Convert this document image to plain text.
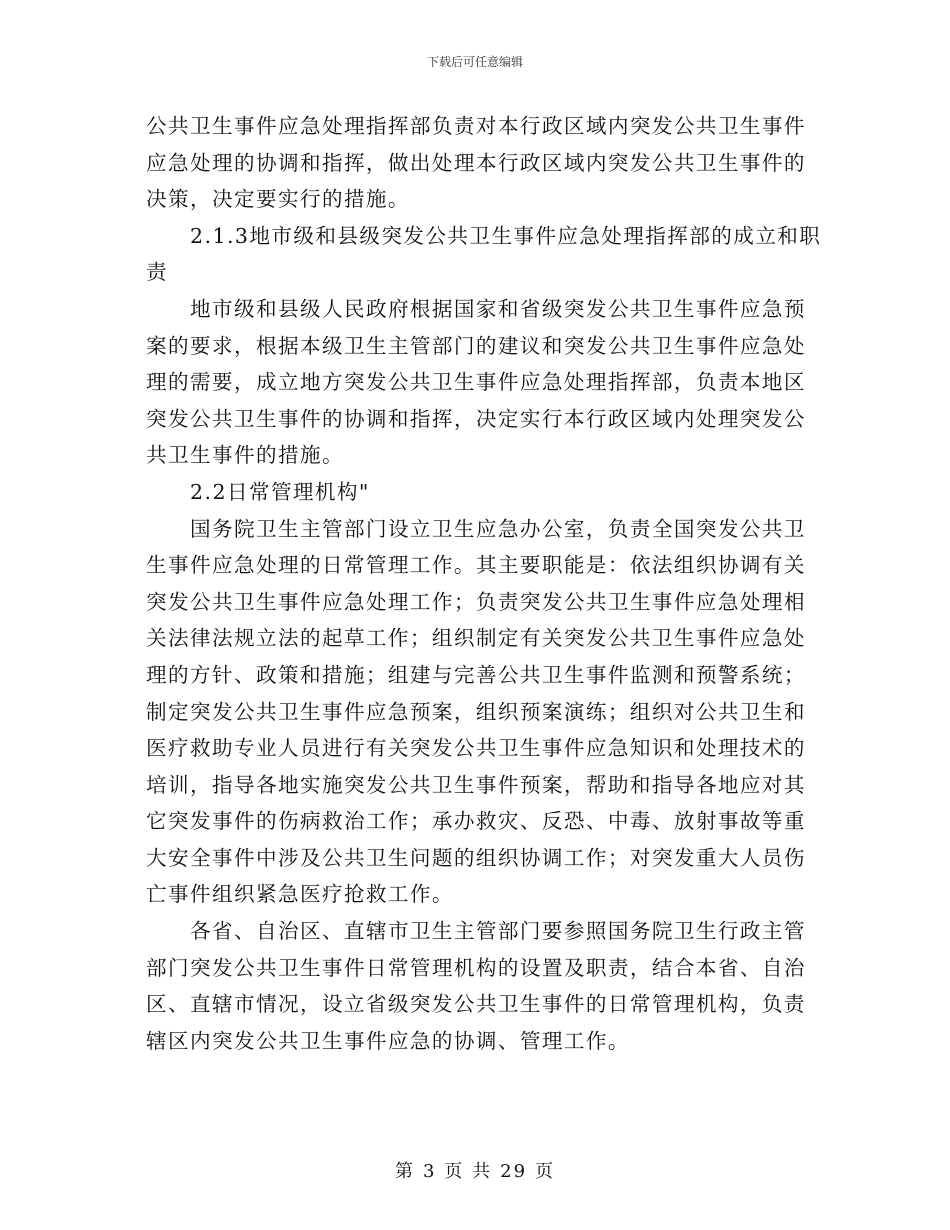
下载后可任意编辑
公共卫生事件应急处理指挥部负责对本行政区域内突发公共卫生事件
应急处理的协调和指挥，做出处理本行政区域内突发公共卫生事件的
决策，决定要实行的措施。
2.1.3地市级和县级突发公共卫生事件应急处理指挥部的成立和职
责
地市级和县级人民政府根据国家和省级突发公共卫生事件应急预
案的要求，根据本级卫生主管部门的建议和突发公共卫生事件应急处
理的需要，成立地方突发公共卫生事件应急处理指挥部，负责本地区
突发公共卫生事件的协调和指挥，决定实行本行政区域内处理突发公
共卫生事件的措施。
2.2日常管理机构"
国务院卫生主管部门设立卫生应急办公室，负责全国突发公共卫
生事件应急处理的日常管理工作。其主要职能是：依法组织协调有关
突发公共卫生事件应急处理工作；负责突发公共卫生事件应急处理相
关法律法规立法的起草工作；组织制定有关突发公共卫生事件应急处
理的方针、政策和措施；组建与完善公共卫生事件监测和预警系统；
制定突发公共卫生事件应急预案，组织预案演练；组织对公共卫生和
医疗救助专业人员进行有关突发公共卫生事件应急知识和处理技术的
培训，指导各地实施突发公共卫生事件预案，帮助和指导各地应对其
它突发事件的伤病救治工作；承办救灾、反恐、中毒、放射事故等重
大安全事件中涉及公共卫生问题的组织协调工作；对突发重大人员伤
亡事件组织紧急医疗抢救工作。
各省、自治区、直辖市卫生主管部门要参照国务院卫生行政主管
部门突发公共卫生事件日常管理机构的设置及职责，结合本省、自治
区、直辖市情况，设立省级突发公共卫生事件的日常管理机构，负责
辖区内突发公共卫生事件应急的协调、管理工作。
第 3 页 共 29 页
